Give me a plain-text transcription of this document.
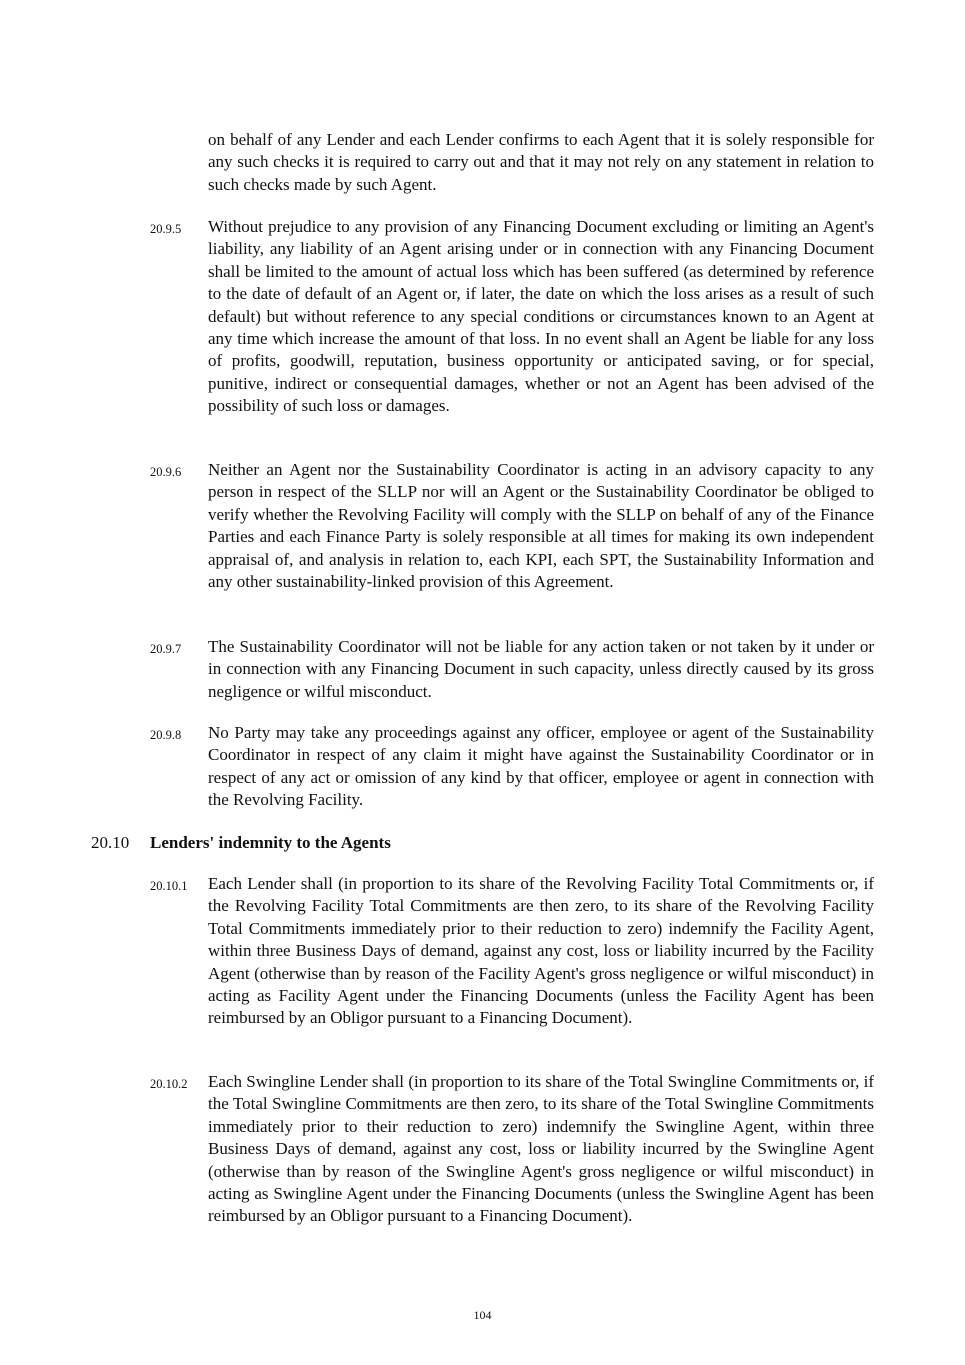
on behalf of any Lender and each Lender confirms to each Agent that it is solely responsible for any such checks it is required to carry out and that it may not rely on any statement in relation to such checks made by such Agent.

20.9.5 Without prejudice to any provision of any Financing Document excluding or limiting an Agent's liability, any liability of an Agent arising under or in connection with any Financing Document shall be limited to the amount of actual loss which has been suffered (as determined by reference to the date of default of an Agent or, if later, the date on which the loss arises as a result of such default) but without reference to any special conditions or circumstances known to an Agent at any time which increase the amount of that loss. In no event shall an Agent be liable for any loss of profits, goodwill, reputation, business opportunity or anticipated saving, or for special, punitive, indirect or consequential damages, whether or not an Agent has been advised of the possibility of such loss or damages.

20.9.6 Neither an Agent nor the Sustainability Coordinator is acting in an advisory capacity to any person in respect of the SLLP nor will an Agent or the Sustainability Coordinator be obliged to verify whether the Revolving Facility will comply with the SLLP on behalf of any of the Finance Parties and each Finance Party is solely responsible at all times for making its own independent appraisal of, and analysis in relation to, each KPI, each SPT, the Sustainability Information and any other sustainability-linked provision of this Agreement.

20.9.7 The Sustainability Coordinator will not be liable for any action taken or not taken by it under or in connection with any Financing Document in such capacity, unless directly caused by its gross negligence or wilful misconduct.

20.9.8 No Party may take any proceedings against any officer, employee or agent of the Sustainability Coordinator in respect of any claim it might have against the Sustainability Coordinator or in respect of any act or omission of any kind by that officer, employee or agent in connection with the Revolving Facility.

20.10 Lenders' indemnity to the Agents
20.10.1 Each Lender shall (in proportion to its share of the Revolving Facility Total Commitments or, if the Revolving Facility Total Commitments are then zero, to its share of the Revolving Facility Total Commitments immediately prior to their reduction to zero) indemnify the Facility Agent, within three Business Days of demand, against any cost, loss or liability incurred by the Facility Agent (otherwise than by reason of the Facility Agent's gross negligence or wilful misconduct) in acting as Facility Agent under the Financing Documents (unless the Facility Agent has been reimbursed by an Obligor pursuant to a Financing Document).

20.10.2 Each Swingline Lender shall (in proportion to its share of the Total Swingline Commitments or, if the Total Swingline Commitments are then zero, to its share of the Total Swingline Commitments immediately prior to their reduction to zero) indemnify the Swingline Agent, within three Business Days of demand, against any cost, loss or liability incurred by the Swingline Agent (otherwise than by reason of the Swingline Agent's gross negligence or wilful misconduct) in acting as Swingline Agent under the Financing Documents (unless the Swingline Agent has been reimbursed by an Obligor pursuant to a Financing Document).

104
